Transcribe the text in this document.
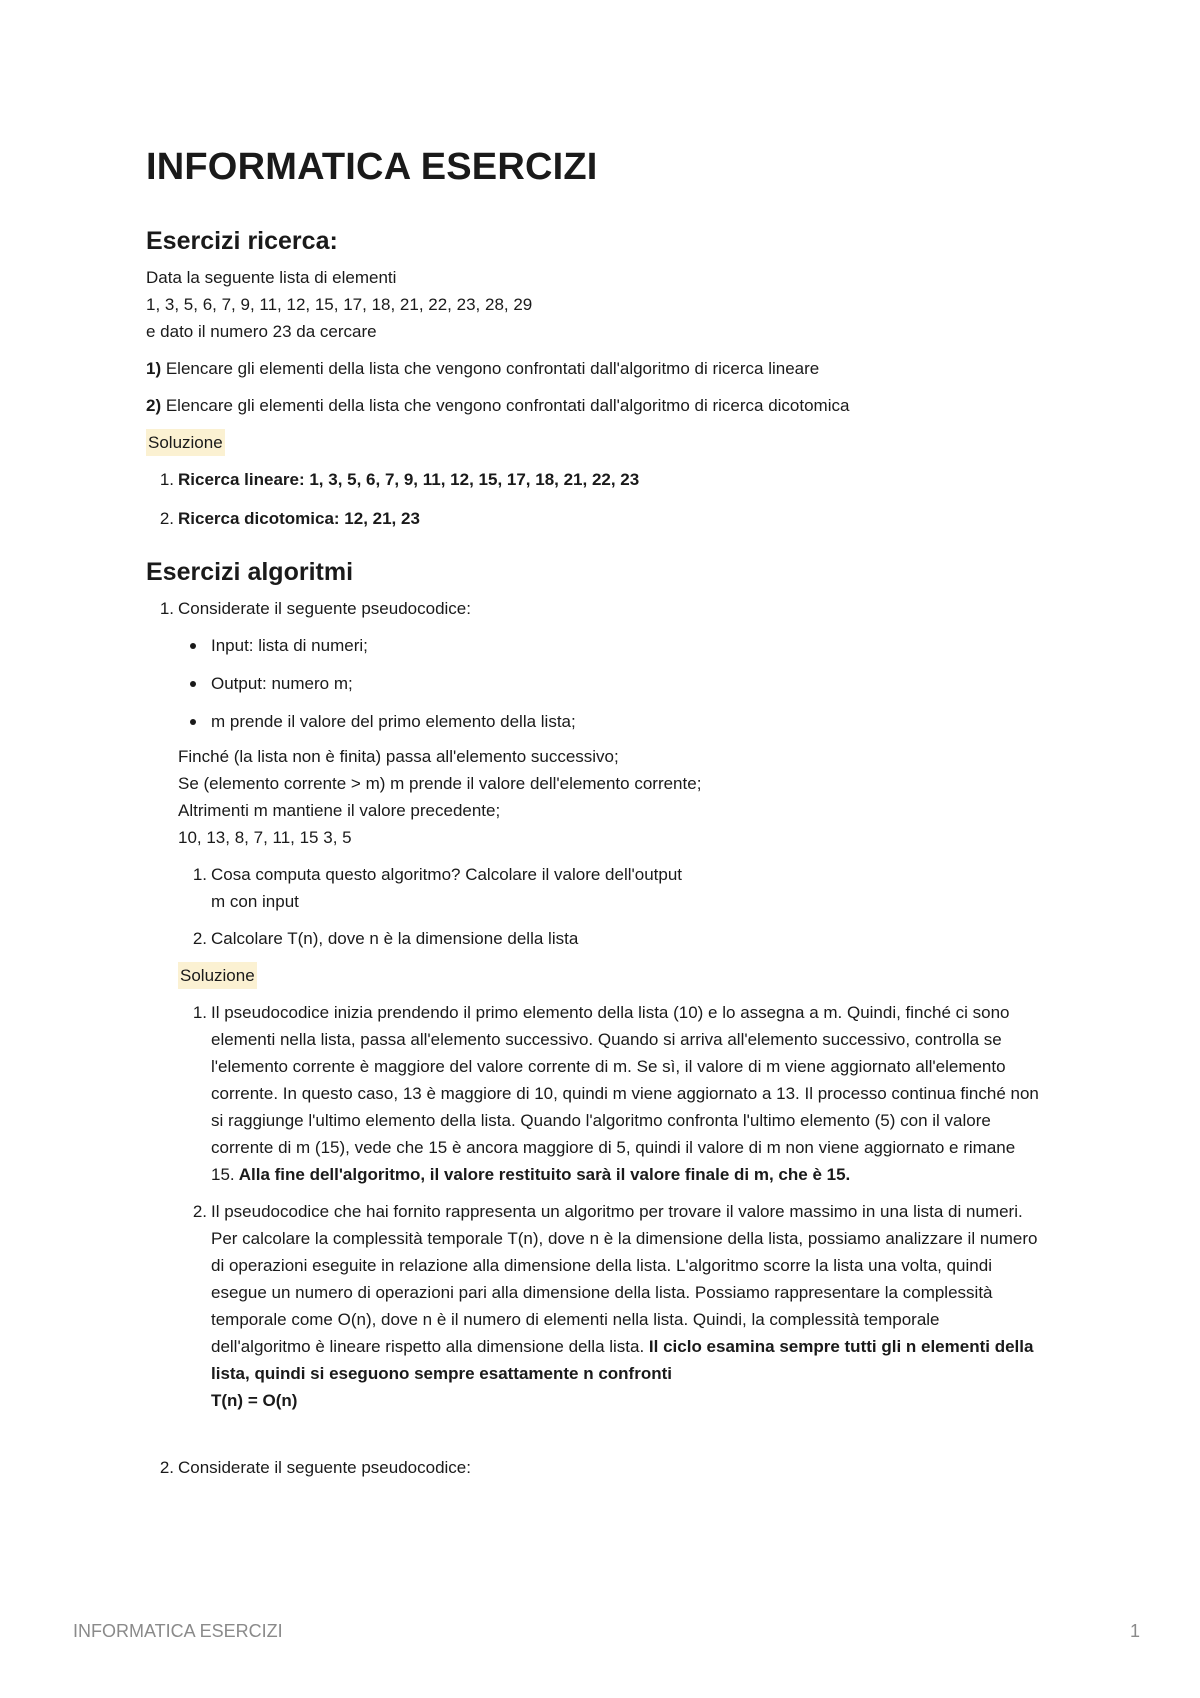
INFORMATICA ESERCIZI
Esercizi ricerca:

Data la seguente lista di elementi
1, 3, 5, 6, 7, 9, 11, 12, 15, 17, 18, 21, 22, 23, 28, 29
e dato il numero 23 da cercare

1) Elencare gli elementi della lista che vengono confrontati dall'algoritmo di ricerca lineare

2) Elencare gli elementi della lista che vengono confrontati dall'algoritmo di ricerca dicotomica

Soluzione

1. Ricerca lineare: 1, 3, 5, 6, 7, 9, 11, 12, 15, 17, 18, 21, 22, 23
2. Ricerca dicotomica: 12, 21, 23
Esercizi algoritmi
1. Considerate il seguente pseudocodice:
Input: lista di numeri;
Output: numero m;
m prende il valore del primo elemento della lista;

Finché (la lista non è finita) passa all'elemento successivo;
Se (elemento corrente > m) m prende il valore dell'elemento corrente;
Altrimenti m mantiene il valore precedente;
10, 13, 8, 7, 11, 15 3, 5

1. Cosa computa questo algoritmo? Calcolare il valore dell'output
m con input
2. Calcolare T(n), dove n è la dimensione della lista

Soluzione

1. Il pseudocodice inizia prendendo il primo elemento della lista (10) e lo assegna a m. Quindi, finché ci sono elementi nella lista, passa all'elemento successivo. Quando si arriva all'elemento successivo, controlla se l'elemento corrente è maggiore del valore corrente di m. Se sì, il valore di m viene aggiornato all'elemento corrente. In questo caso, 13 è maggiore di 10, quindi m viene aggiornato a 13. Il processo continua finché non si raggiunge l'ultimo elemento della lista. Quando l'algoritmo confronta l'ultimo elemento (5) con il valore corrente di m (15), vede che 15 è ancora maggiore di 5, quindi il valore di m non viene aggiornato e rimane 15. Alla fine dell'algoritmo, il valore restituito sarà il valore finale di m, che è 15.
2. Il pseudocodice che hai fornito rappresenta un algoritmo per trovare il valore massimo in una lista di numeri. Per calcolare la complessità temporale T(n), dove n è la dimensione della lista, possiamo analizzare il numero di operazioni eseguite in relazione alla dimensione della lista. L'algoritmo scorre la lista una volta, quindi esegue un numero di operazioni pari alla dimensione della lista. Possiamo rappresentare la complessità temporale come O(n), dove n è il numero di elementi nella lista. Quindi, la complessità temporale dell'algoritmo è lineare rispetto alla dimensione della lista. Il ciclo esamina sempre tutti gli n elementi della lista, quindi si eseguono sempre esattamente n confronti
T(n) = O(n)
2. Considerate il seguente pseudocodice:
INFORMATICA ESERCIZI	1
